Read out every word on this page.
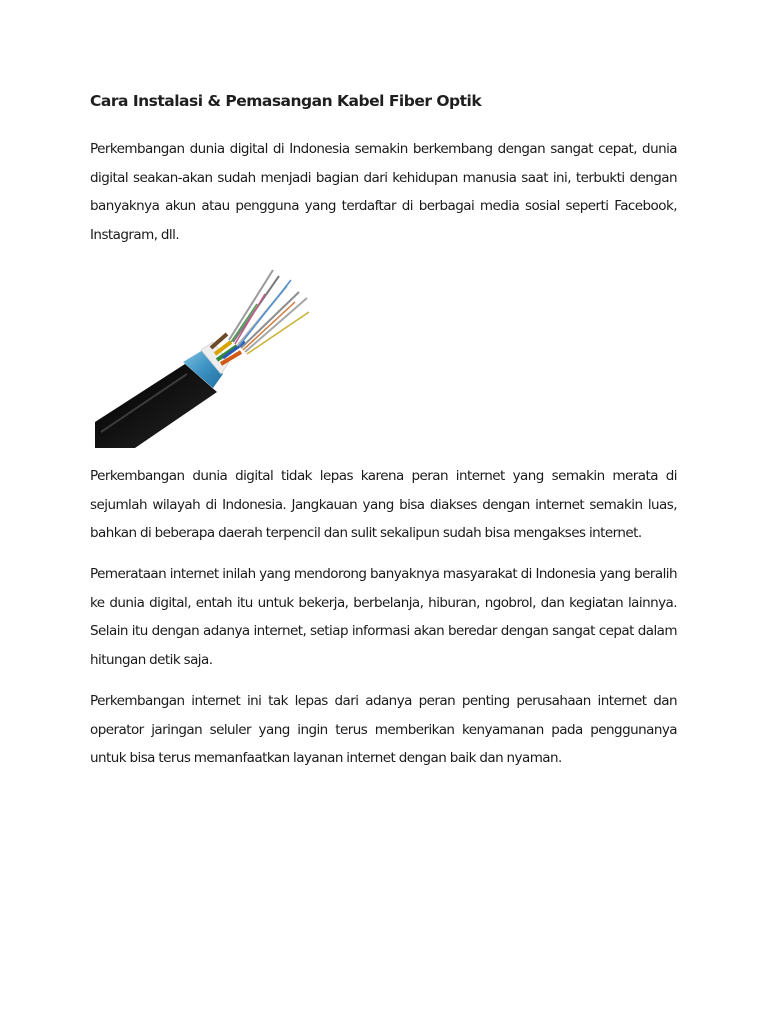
Cara Instalasi & Pemasangan Kabel Fiber Optik

Perkembangan dunia digital di Indonesia semakin berkembang dengan sangat cepat, dunia digital seakan-akan sudah menjadi bagian dari kehidupan manusia saat ini, terbukti dengan banyaknya akun atau pengguna yang terdaftar di berbagai media sosial seperti Facebook, Instagram, dll.

Perkembangan dunia digital tidak lepas karena peran internet yang semakin merata di sejumlah wilayah di Indonesia. Jangkauan yang bisa diakses dengan internet semakin luas, bahkan di beberapa daerah terpencil dan sulit sekalipun sudah bisa mengakses internet.

Pemerataan internet inilah yang mendorong banyaknya masyarakat di Indonesia yang beralih ke dunia digital, entah itu untuk bekerja, berbelanja, hiburan, ngobrol, dan kegiatan lainnya. Selain itu dengan adanya internet, setiap informasi akan beredar dengan sangat cepat dalam hitungan detik saja.

Perkembangan internet ini tak lepas dari adanya peran penting perusahaan internet dan operator jaringan seluler yang ingin terus memberikan kenyamanan pada penggunanya untuk bisa terus memanfaatkan layanan internet dengan baik dan nyaman.
